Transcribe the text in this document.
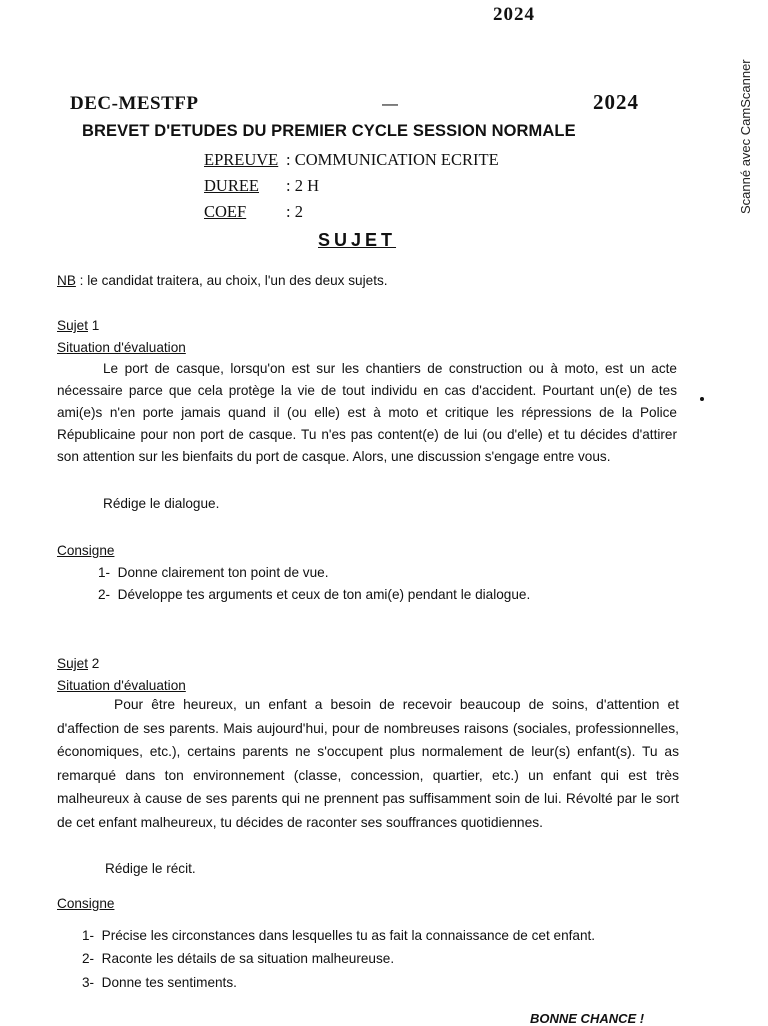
2024
Scanné avec CamScanner
DEC-MESTFP	—	2024
BREVET D'ETUDES DU PREMIER CYCLE SESSION NORMALE
EPREUVE : COMMUNICATION ECRITE
DUREE : 2 H
COEF : 2
SUJET
NB : le candidat traitera, au choix, l'un des deux sujets.
Sujet 1
Situation d'évaluation
Le port de casque, lorsqu'on est sur les chantiers de construction ou à moto, est un acte nécessaire parce que cela protège la vie de tout individu en cas d'accident. Pourtant un(e) de tes ami(e)s n'en porte jamais quand il (ou elle) est à moto et critique les répressions de la Police Républicaine pour non port de casque. Tu n'es pas content(e) de lui (ou d'elle) et tu décides d'attirer son attention sur les bienfaits du port de casque. Alors, une discussion s'engage entre vous.
Rédige le dialogue.
Consigne
1- Donne clairement ton point de vue.
2- Développe tes arguments et ceux de ton ami(e) pendant le dialogue.
Sujet 2
Situation d'évaluation
Pour être heureux, un enfant a besoin de recevoir beaucoup de soins, d'attention et d'affection de ses parents. Mais aujourd'hui, pour de nombreuses raisons (sociales, professionnelles, économiques, etc.), certains parents ne s'occupent plus normalement de leur(s) enfant(s). Tu as remarqué dans ton environnement (classe, concession, quartier, etc.) un enfant qui est très malheureux à cause de ses parents qui ne prennent pas suffisamment soin de lui. Révolté par le sort de cet enfant malheureux, tu décides de raconter ses souffrances quotidiennes.
Rédige le récit.
Consigne
1- Précise les circonstances dans lesquelles tu as fait la connaissance de cet enfant.
2- Raconte les détails de sa situation malheureuse.
3- Donne tes sentiments.
BONNE CHANCE !
